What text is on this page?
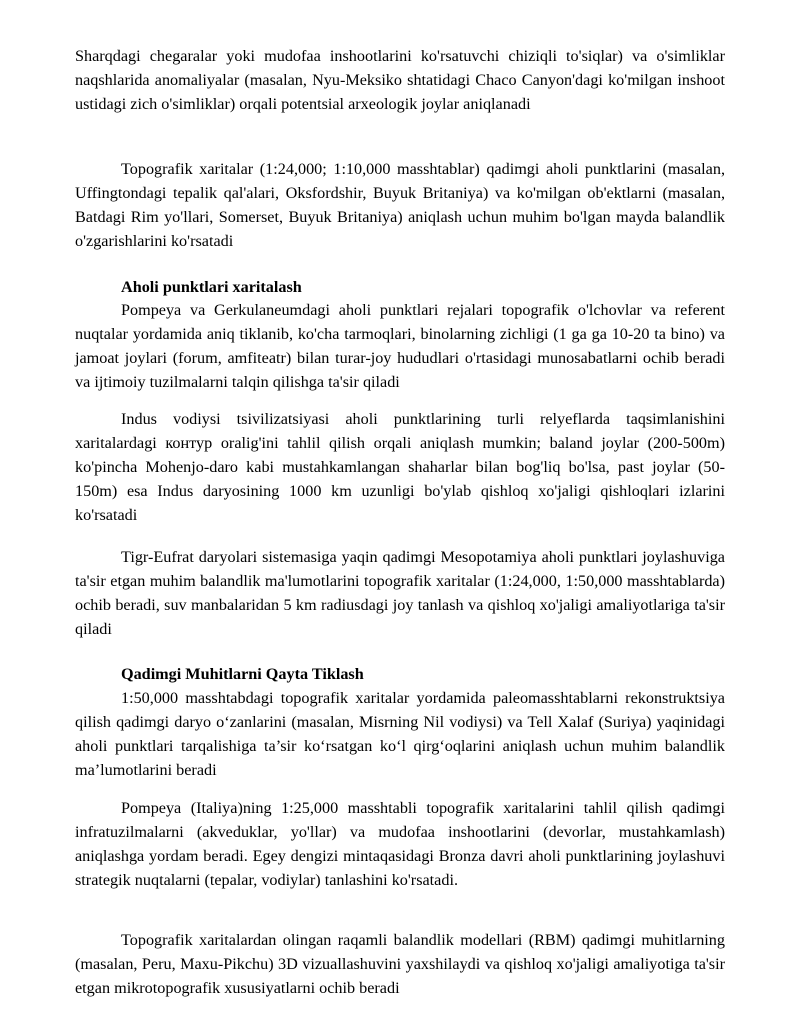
Sharqdagi chegaralar yoki mudofaa inshootlarini ko'rsatuvchi chiziqli to'siqlar) va o'simliklar naqshlarida anomaliyalar (masalan, Nyu-Meksiko shtatidagi Chaco Canyon'dagi ko'milgan inshoot ustidagi zich o'simliklar) orqali potentsial arxeologik joylar aniqlanadi

Topografik xaritalar (1:24,000; 1:10,000 masshtablar) qadimgi aholi punktlarini (masalan, Uffingtondagi tepalik qal'alari, Oksfordshir, Buyuk Britaniya) va ko'milgan ob'ektlarni (masalan, Batdagi Rim yo'llari, Somerset, Buyuk Britaniya) aniqlash uchun muhim bo'lgan mayda balandlik o'zgarishlarini ko'rsatadi

Aholi punktlari xaritalash

Pompeya va Gerkulaneumdagi aholi punktlari rejalari topografik o'lchovlar va referent nuqtalar yordamida aniq tiklanib, ko'cha tarmoqlari, binolarning zichligi (1 ga ga 10-20 ta bino) va jamoat joylari (forum, amfiteatr) bilan turar-joy hududlari o'rtasidagi munosabatlarni ochib beradi va ijtimoiy tuzilmalarni talqin qilishga ta'sir qiladi

Indus vodiysi tsivilizatsiyasi aholi punktlarining turli relyeflarda taqsimlanishini xaritalardagi контур oralig'ini tahlil qilish orqali aniqlash mumkin; baland joylar (200-500m) ko'pincha Mohenjo-daro kabi mustahkamlangan shaharlar bilan bog'liq bo'lsa, past joylar (50-150m) esa Indus daryosining 1000 km uzunligi bo'ylab qishloq xo'jaligi qishloqlari izlarini ko'rsatadi

Tigr-Eufrat daryolari sistemasiga yaqin qadimgi Mesopotamiya aholi punktlari joylashuviga ta'sir etgan muhim balandlik ma'lumotlarini topografik xaritalar (1:24,000, 1:50,000 masshtablarda) ochib beradi, suv manbalaridan 5 km radiusdagi joy tanlash va qishloq xo'jaligi amaliyotlariga ta'sir qiladi

Qadimgi Muhitlarni Qayta Tiklash

1:50,000 masshtabdagi topografik xaritalar yordamida paleomasshtablarni rekonstruktsiya qilish qadimgi daryo o‘zanlarini (masalan, Misrning Nil vodiysi) va Tell Xalaf (Suriya) yaqinidagi aholi punktlari tarqalishiga ta’sir ko‘rsatgan ko‘l qirg‘oqlarini aniqlash uchun muhim balandlik ma’lumotlarini beradi

Pompeya (Italiya)ning 1:25,000 masshtabli topografik xaritalarini tahlil qilish qadimgi infratuzilmalarni (akveduklar, yo'llar) va mudofaa inshootlarini (devorlar, mustahkamlash) aniqlashga yordam beradi. Egey dengizi mintaqasidagi Bronza davri aholi punktlarining joylashuvi strategik nuqtalarni (tepalar, vodiylar) tanlashini ko'rsatadi.

Topografik xaritalardan olingan raqamli balandlik modellari (RBM) qadimgi muhitlarning (masalan, Peru, Maxu-Pikchu) 3D vizuallashuvini yaxshilaydi va qishloq xo'jaligi amaliyotiga ta'sir etgan mikrotopografik xususiyatlarni ochib beradi
